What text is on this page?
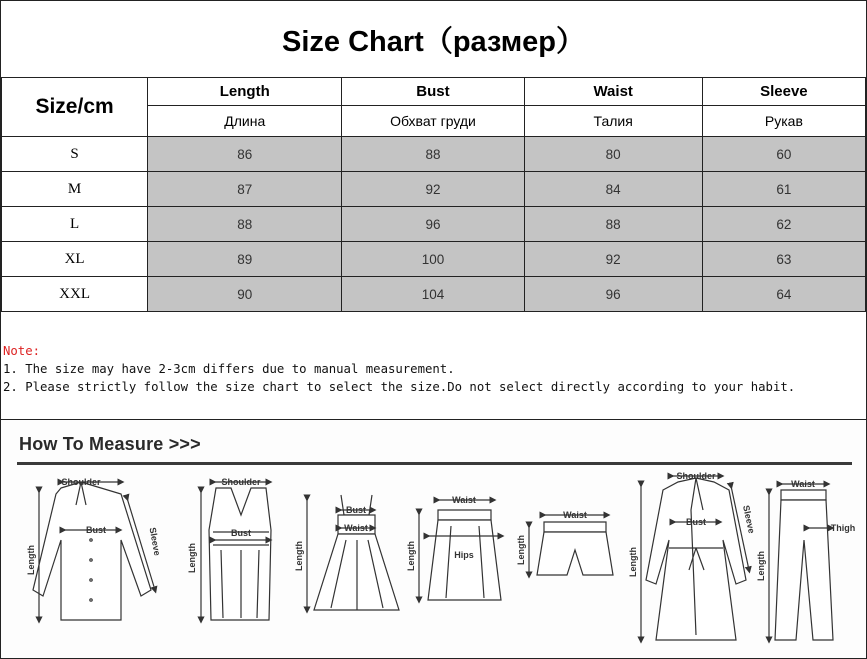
Size Chart（размер）
Size/cm	Length	Bust	Waist	Sleeve
	Длина	Обхват груди	Талия	Рукав
S	86	88	80	60
M	87	92	84	61
L	88	96	88	62
XL	89	100	92	63
XXL	90	104	96	64
Note:
1. The size may have 2-3cm differs due to manual measurement.
2. Please strictly follow the size chart to select the size.Do not select directly according to your habit.
How To Measure >>>
Shoulder
Bust
Length
Sleeve
Shoulder
Bust
Length
Bust
Waist
Length
Waist
Hips
Length
Waist
Length
Shoulder
Bust
Length
Sleeve
Waist
Thigh
Length
